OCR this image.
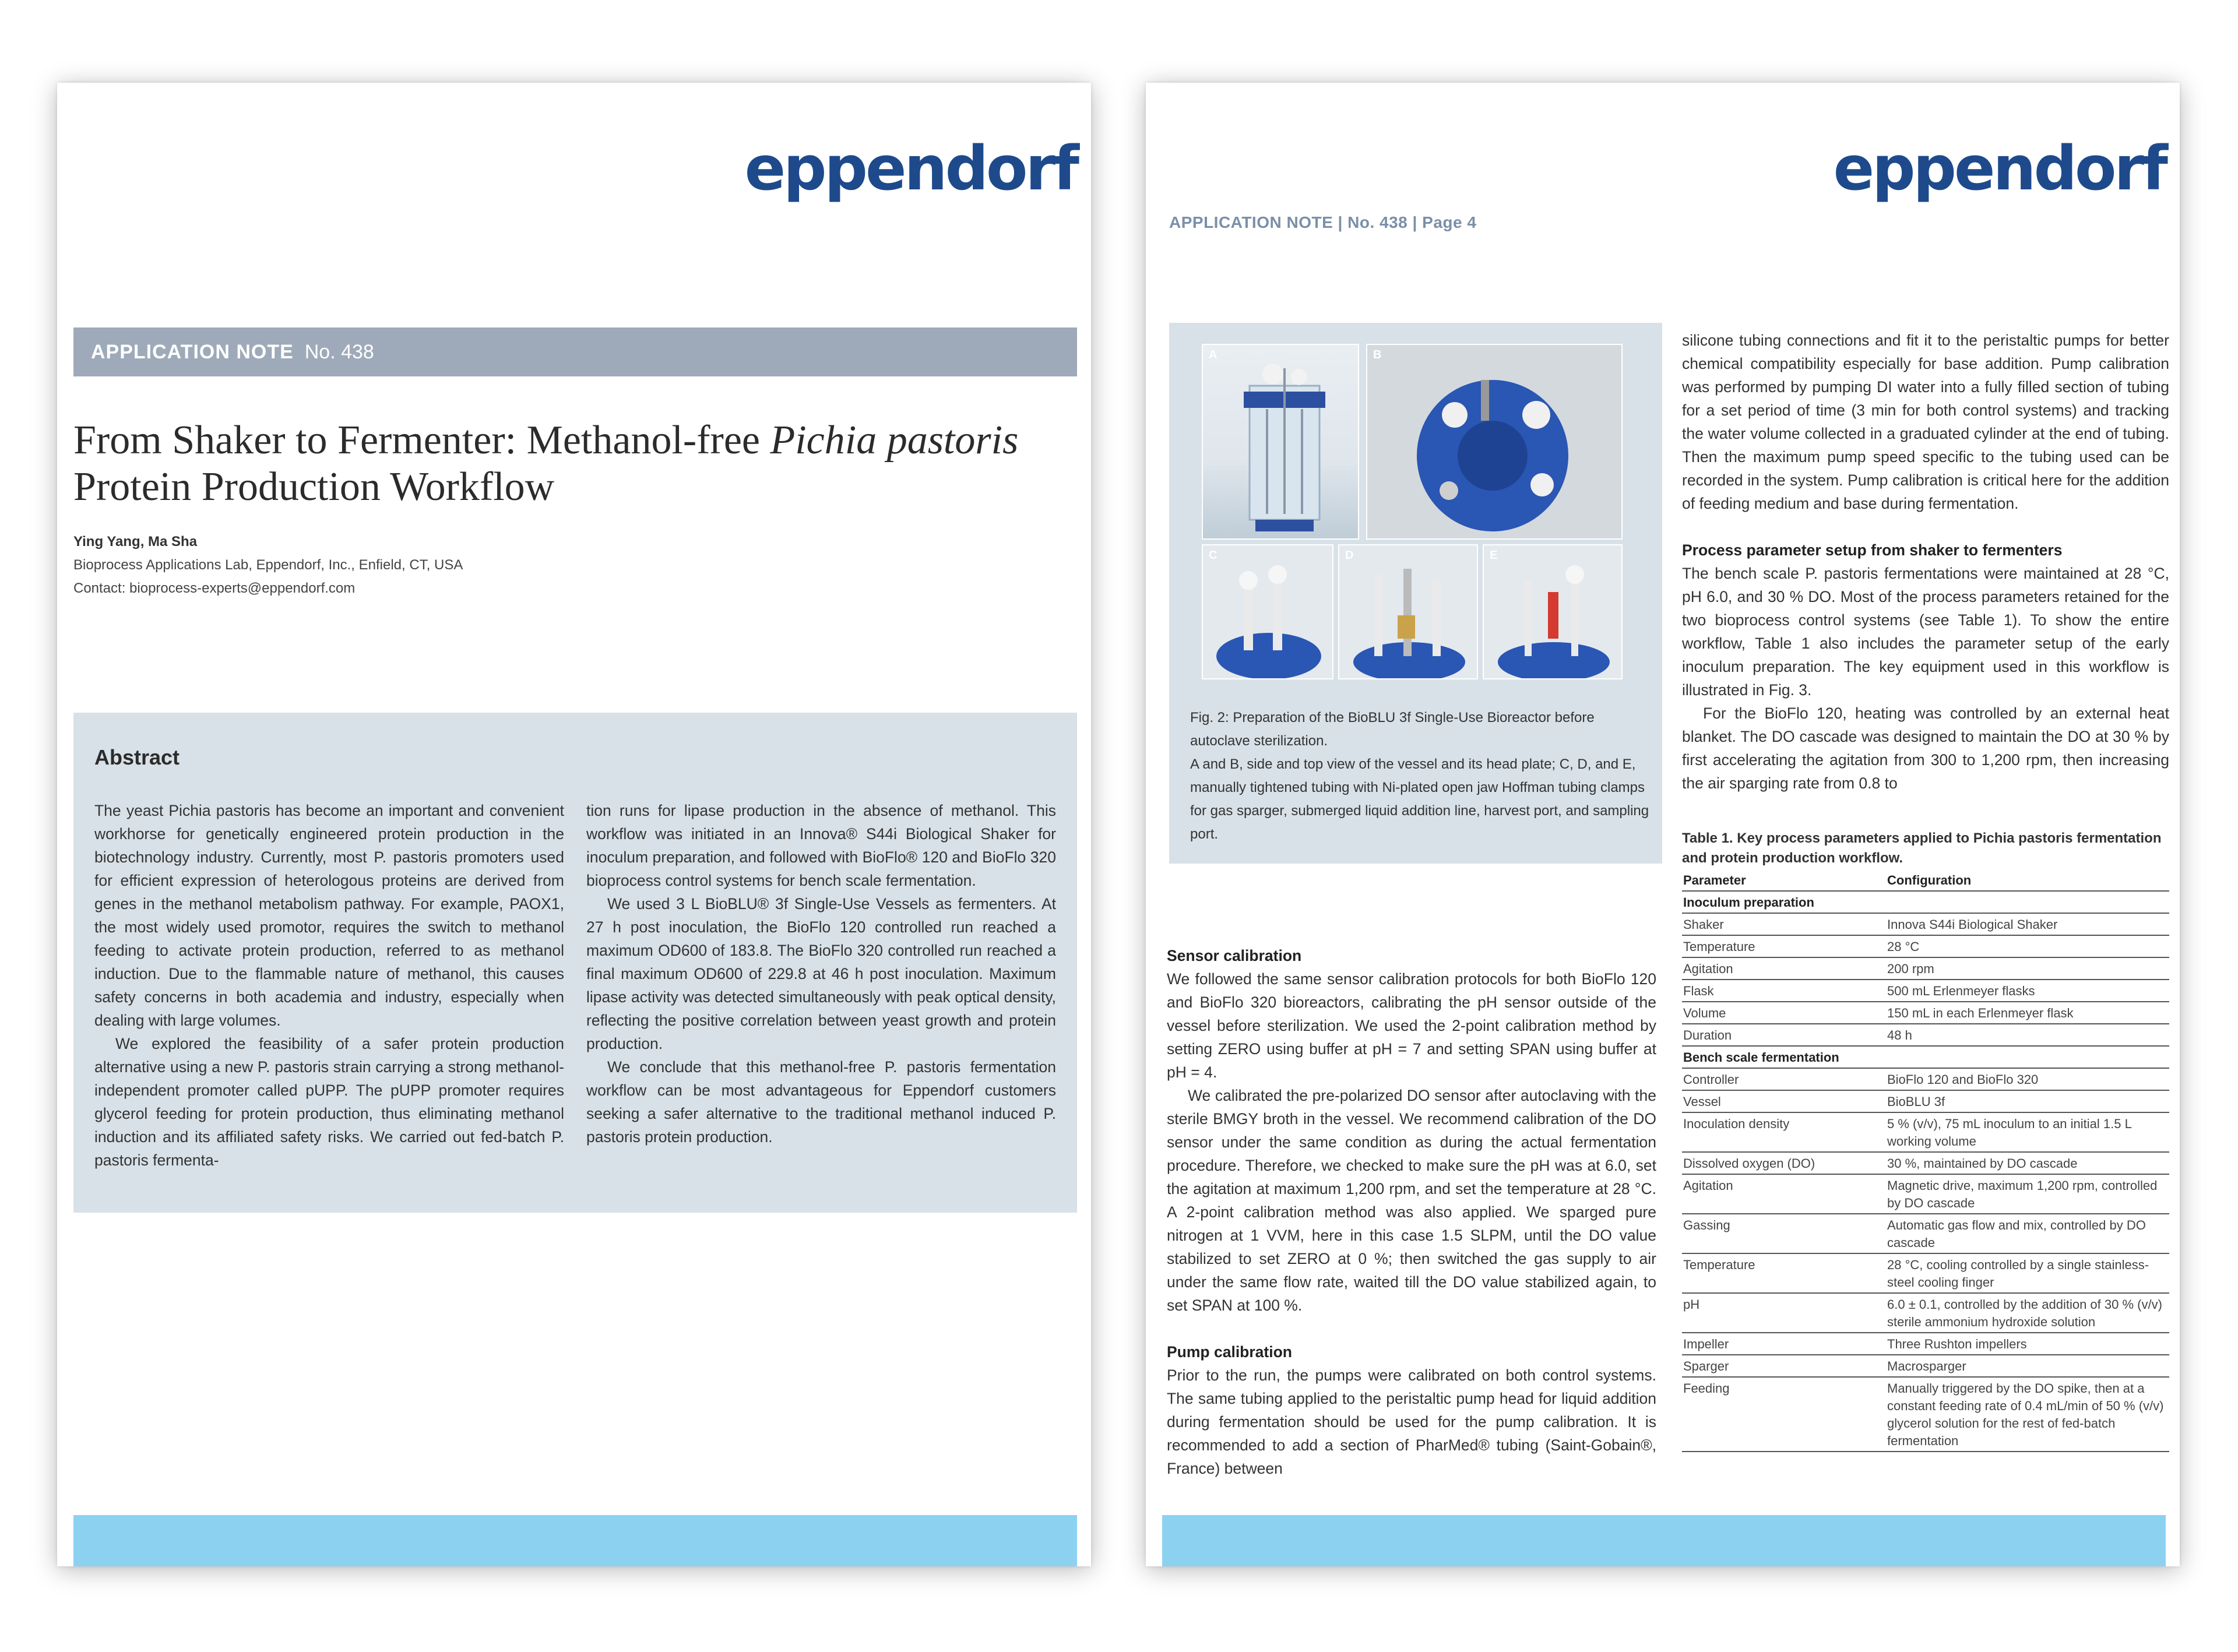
eppendorf
APPLICATION NOTE No. 438
From Shaker to Fermenter: Methanol-free Pichia pastoris
Protein Production Workflow
Ying Yang, Ma Sha
Bioprocess Applications Lab, Eppendorf, Inc., Enfield, CT, USA
Contact: bioprocess-experts@eppendorf.com
Abstract

The yeast Pichia pastoris has become an important and convenient workhorse for genetically engineered protein production in the biotechnology industry. Currently, most P. pastoris promoters used for efficient expression of heterologous proteins are derived from genes in the methanol metabolism pathway. For example, PAOX1, the most widely used promotor, requires the switch to methanol feeding to activate protein production, referred to as methanol induction. Due to the flammable nature of methanol, this causes safety concerns in both academia and industry, especially when dealing with large volumes.

We explored the feasibility of a safer protein production alternative using a new P. pastoris strain carrying a strong methanol-independent promoter called pUPP. The pUPP promoter requires glycerol feeding for protein production, thus eliminating methanol induction and its affiliated safety risks. We carried out fed-batch P. pastoris fermenta-

tion runs for lipase production in the absence of methanol. This workflow was initiated in an Innova® S44i Biological Shaker for inoculum preparation, and followed with BioFlo® 120 and BioFlo 320 bioprocess control systems for bench scale fermentation.

We used 3 L BioBLU® 3f Single-Use Vessels as fermenters. At 27 h post inoculation, the BioFlo 120 controlled run reached a maximum OD600 of 183.8. The BioFlo 320 controlled run reached a final maximum OD600 of 229.8 at 46 h post inoculation. Maximum lipase activity was detected simultaneously with peak optical density, reflecting the positive correlation between yeast growth and protein production.

We conclude that this methanol-free P. pastoris fermentation workflow can be most advantageous for Eppendorf customers seeking a safer alternative to the traditional methanol induced P. pastoris protein production.

eppendorf
APPLICATION NOTE | No. 438 | Page 4
A	B
C	D	E
Fig. 2: Preparation of the BioBLU 3f Single-Use Bioreactor before autoclave sterilization.
A and B, side and top view of the vessel and its head plate; C, D, and E, manually tightened tubing with Ni-plated open jaw Hoffman tubing clamps for gas sparger, submerged liquid addition line, harvest port, and sampling port.

Sensor calibration

We followed the same sensor calibration protocols for both BioFlo 120 and BioFlo 320 bioreactors, calibrating the pH sensor outside of the vessel before sterilization. We used the 2-point calibration method by setting ZERO using buffer at pH = 7 and setting SPAN using buffer at pH = 4.

We calibrated the pre-polarized DO sensor after autoclaving with the sterile BMGY broth in the vessel. We recommend calibration of the DO sensor under the same condition as during the actual fermentation procedure. Therefore, we checked to make sure the pH was at 6.0, set the agitation at maximum 1,200 rpm, and set the temperature at 28 °C. A 2-point calibration method was also applied. We sparged pure nitrogen at 1 VVM, here in this case 1.5 SLPM, until the DO value stabilized to set ZERO at 0 %; then switched the gas supply to air under the same flow rate, waited till the DO value stabilized again, to set SPAN at 100 %.

Pump calibration

Prior to the run, the pumps were calibrated on both control systems. The same tubing applied to the peristaltic pump head for liquid addition during fermentation should be used for the pump calibration. It is recommended to add a section of PharMed® tubing (Saint-Gobain®, France) between

silicone tubing connections and fit it to the peristaltic pumps for better chemical compatibility especially for base addition. Pump calibration was performed by pumping DI water into a fully filled section of tubing for a set period of time (3 min for both control systems) and tracking the water volume collected in a graduated cylinder at the end of tubing. Then the maximum pump speed specific to the tubing used can be recorded in the system. Pump calibration is critical here for the addition of feeding medium and base during fermentation.

Process parameter setup from shaker to fermenters

The bench scale P. pastoris fermentations were maintained at 28 °C, pH 6.0, and 30 % DO. Most of the process parameters retained for the two bioprocess control systems (see Table 1). To show the entire workflow, Table 1 also includes the parameter setup of the early inoculum preparation. The key equipment used in this workflow is illustrated in Fig. 3.

For the BioFlo 120, heating was controlled by an external heat blanket. The DO cascade was designed to maintain the DO at 30 % by first accelerating the agitation from 300 to 1,200 rpm, then increasing the air sparging rate from 0.8 to

Table 1. Key process parameters applied to Pichia pastoris fermentation and protein production workflow.
Parameter	Configuration
Inoculum preparation	
Shaker	Innova S44i Biological Shaker
Temperature	28 °C
Agitation	200 rpm
Flask	500 mL Erlenmeyer flasks
Volume	150 mL in each Erlenmeyer flask
Duration	48 h
Bench scale fermentation	
Controller	BioFlo 120 and BioFlo 320
Vessel	BioBLU 3f
Inoculation density	5 % (v/v), 75 mL inoculum to an initial 1.5 L working volume
Dissolved oxygen (DO)	30 %, maintained by DO cascade
Agitation	Magnetic drive, maximum 1,200 rpm, controlled by DO cascade
Gassing	Automatic gas flow and mix, controlled by DO cascade
Temperature	28 °C, cooling controlled by a single stainless-steel cooling finger
pH	6.0 ± 0.1, controlled by the addition of 30 % (v/v) sterile ammonium hydroxide solution
Impeller	Three Rushton impellers
Sparger	Macrosparger
Feeding	Manually triggered by the DO spike, then at a constant feeding rate of 0.4 mL/min of 50 % (v/v) glycerol solution for the rest of fed-batch fermentation
